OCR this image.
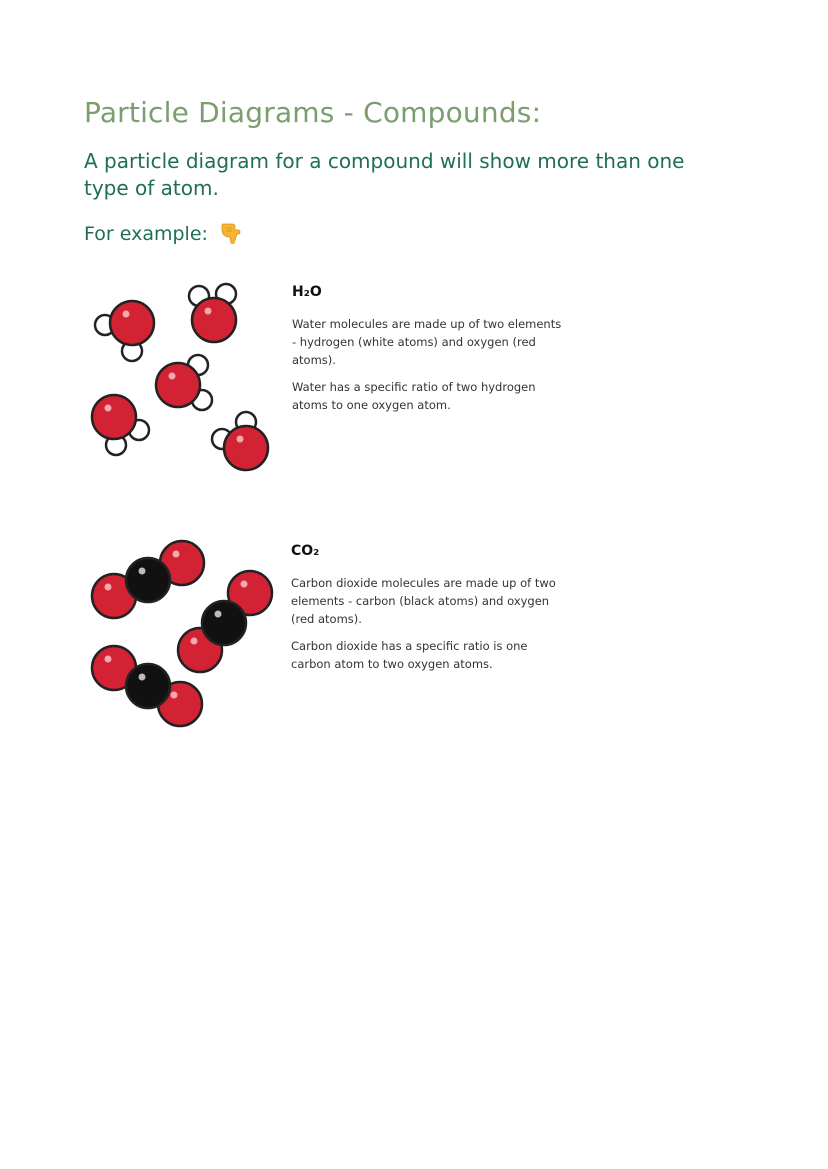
Particle Diagrams - Compounds:

A particle diagram for a compound will show more than one type of atom.

For example:
H₂O

Water molecules are made up of two elements - hydrogen (white atoms) and oxygen (red atoms).

Water has a specific ratio of two hydrogen atoms to one oxygen atom.

CO₂

Carbon dioxide molecules are made up of two elements - carbon (black atoms) and oxygen (red atoms).

Carbon dioxide has a specific ratio is one carbon atom to two oxygen atoms.
